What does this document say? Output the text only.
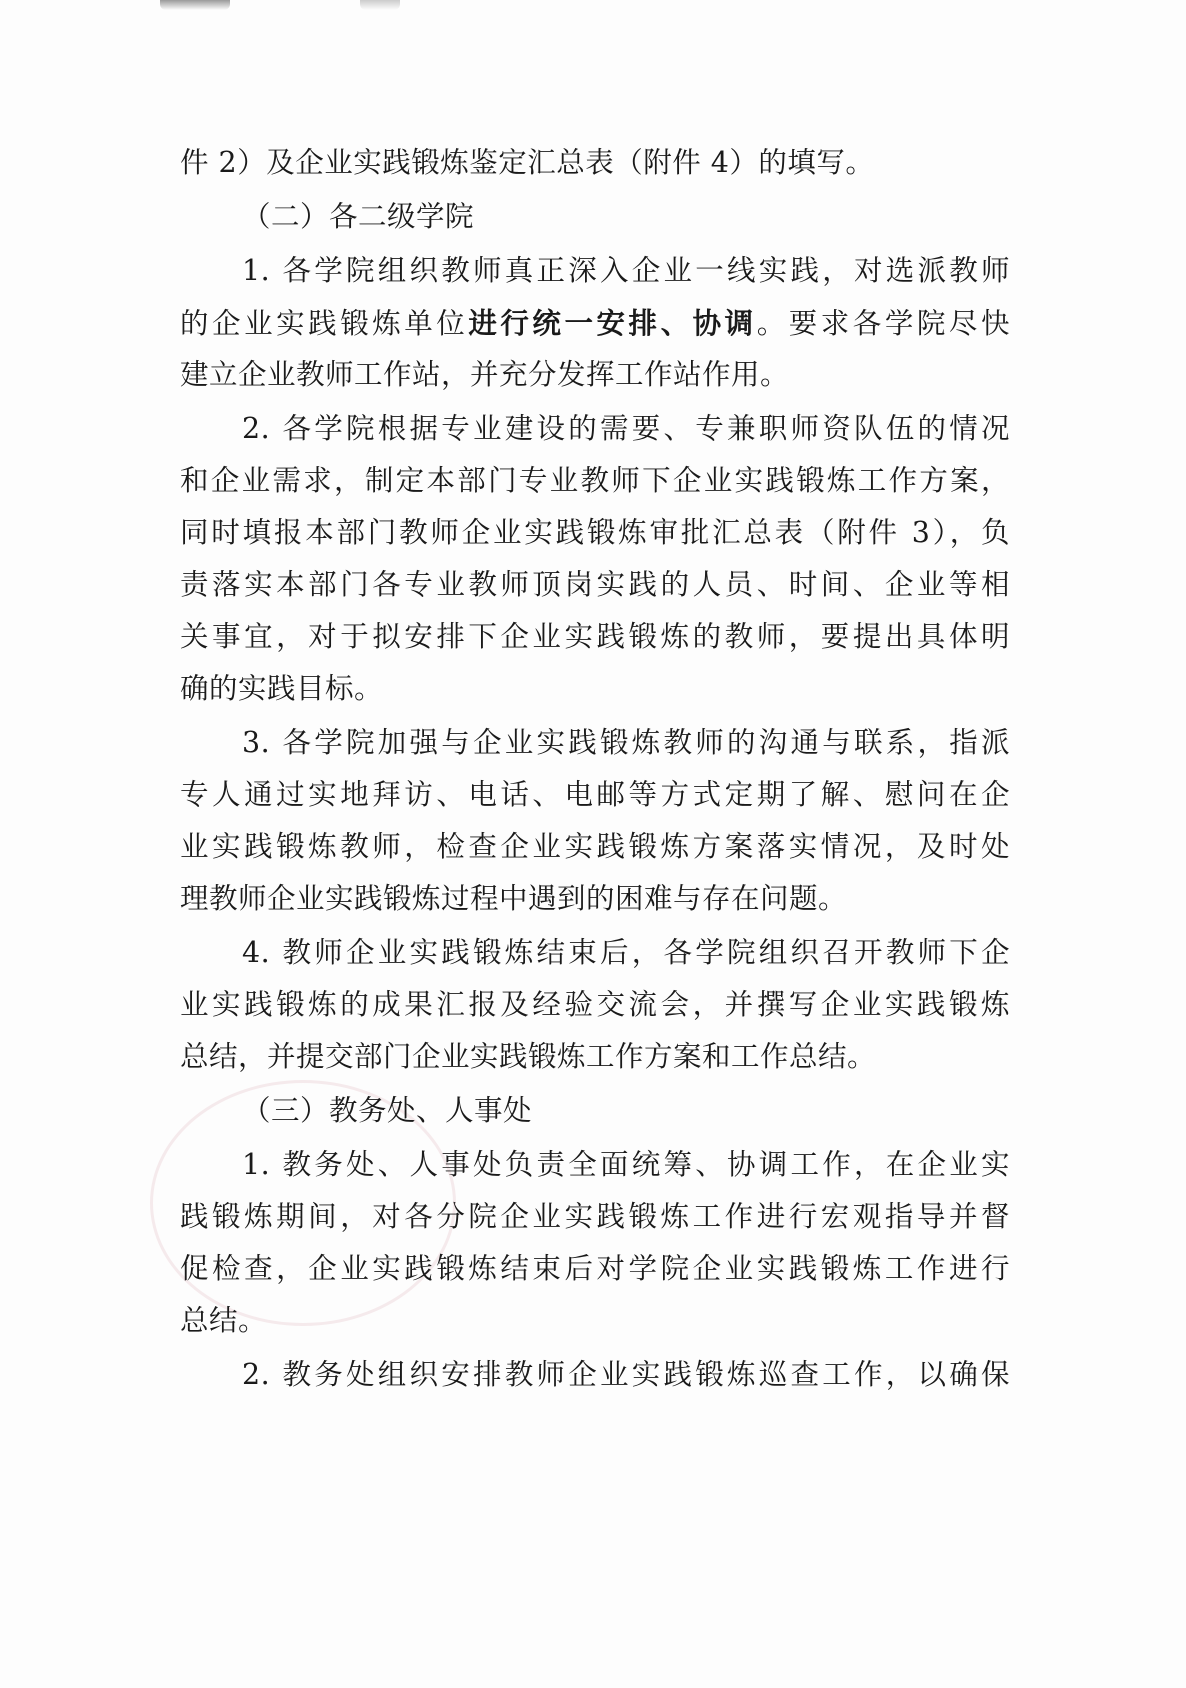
件 2）及企业实践锻炼鉴定汇总表（附件 4）的填写。
（二）各二级学院
1. 各学院组织教师真正深入企业一线实践，对选派教师
的企业实践锻炼单位进行统一安排、协调。要求各学院尽快
建立企业教师工作站，并充分发挥工作站作用。
2. 各学院根据专业建设的需要、专兼职师资队伍的情况
和企业需求，制定本部门专业教师下企业实践锻炼工作方案，
同时填报本部门教师企业实践锻炼审批汇总表（附件 3），负
责落实本部门各专业教师顶岗实践的人员、时间、企业等相
关事宜，对于拟安排下企业实践锻炼的教师，要提出具体明
确的实践目标。
3. 各学院加强与企业实践锻炼教师的沟通与联系，指派
专人通过实地拜访、电话、电邮等方式定期了解、慰问在企
业实践锻炼教师，检查企业实践锻炼方案落实情况，及时处
理教师企业实践锻炼过程中遇到的困难与存在问题。
4. 教师企业实践锻炼结束后，各学院组织召开教师下企
业实践锻炼的成果汇报及经验交流会，并撰写企业实践锻炼
总结，并提交部门企业实践锻炼工作方案和工作总结。
（三）教务处、人事处
1. 教务处、人事处负责全面统筹、协调工作，在企业实
践锻炼期间，对各分院企业实践锻炼工作进行宏观指导并督
促检查，企业实践锻炼结束后对学院企业实践锻炼工作进行
总结。
2. 教务处组织安排教师企业实践锻炼巡查工作，以确保
